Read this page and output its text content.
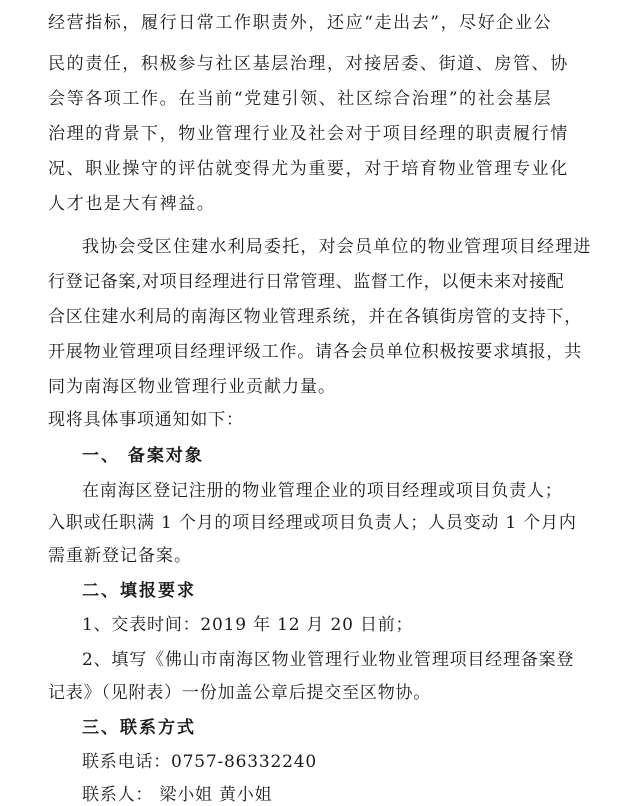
经营指标，履行日常工作职责外，还应“走出去”，尽好企业公
民的责任，积极参与社区基层治理，对接居委、街道、房管、协
会等各项工作。在当前“党建引领、社区综合治理”的社会基层
治理的背景下，物业管理行业及社会对于项目经理的职责履行情
况、职业操守的评估就变得尤为重要，对于培育物业管理专业化
人才也是大有裨益。
我协会受区住建水利局委托，对会员单位的物业管理项目经理进
行登记备案,对项目经理进行日常管理、监督工作，以便未来对接配
合区住建水利局的南海区物业管理系统，并在各镇街房管的支持下，
开展物业管理项目经理评级工作。请各会员单位积极按要求填报，共
同为南海区物业管理行业贡献力量。
现将具体事项通知如下：
一、 备案对象
在南海区登记注册的物业管理企业的项目经理或项目负责人；
入职或任职满 1 个月的项目经理或项目负责人；人员变动 1 个月内
需重新登记备案。
二、填报要求
1、交表时间：2019 年 12 月 20 日前；
2、填写《佛山市南海区物业管理行业物业管理项目经理备案登
记表》（见附表）一份加盖公章后提交至区物协。
三、联系方式
联系电话：0757-86332240
联系人： 梁小姐 黄小姐
